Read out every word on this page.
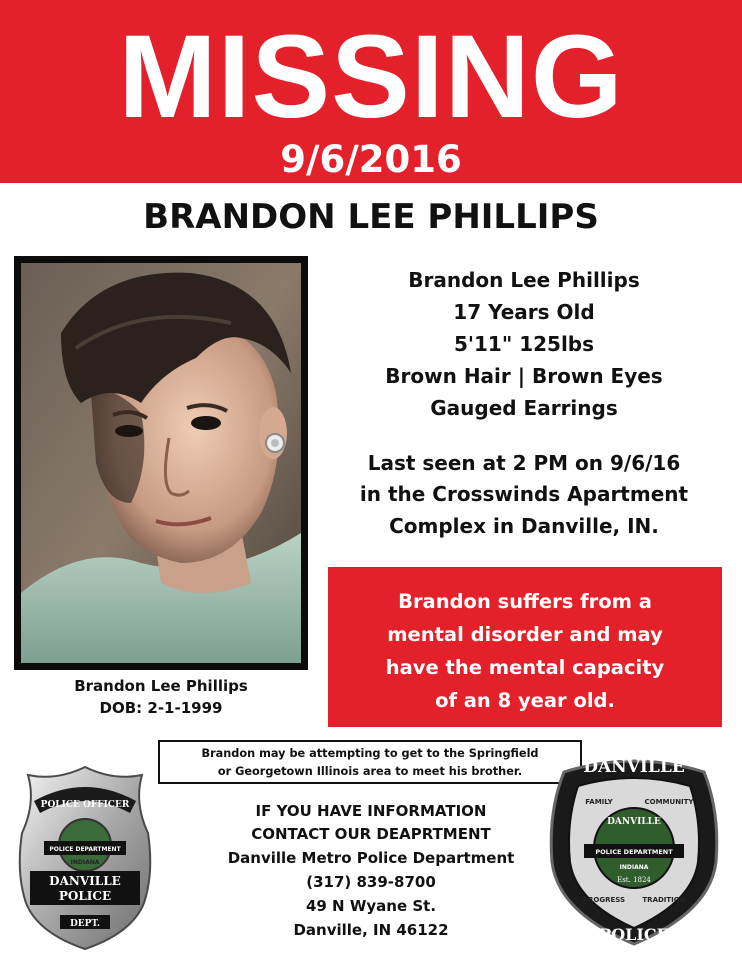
MISSING
9/6/2016
BRANDON LEE PHILLIPS
Brandon Lee Phillips
DOB: 2-1-1999
Brandon Lee Phillips
17 Years Old
5'11" 125lbs
Brown Hair | Brown Eyes
Gauged Earrings
Last seen at 2 PM on 9/6/16
in the Crosswinds Apartment
Complex in Danville, IN.
Brandon suffers from a
mental disorder and may
have the mental capacity
of an 8 year old.
Brandon may be attempting to get to the Springfield
or Georgetown Illinois area to meet his brother.
IF YOU HAVE INFORMATION
CONTACT OUR DEAPRTMENT
Danville Metro Police Department
(317) 839-8700
49 N Wyane St.
Danville, IN 46122
POLICE OFFICER
POLICE DEPARTMENT
INDIANA
DANVILLE
POLICE
DEPT.
DANVILLE
FAMILY	COMMUNITY
DANVILLE
POLICE DEPARTMENT
INDIANA
Est. 1824
PROGRESS TRADITION
POLICE
